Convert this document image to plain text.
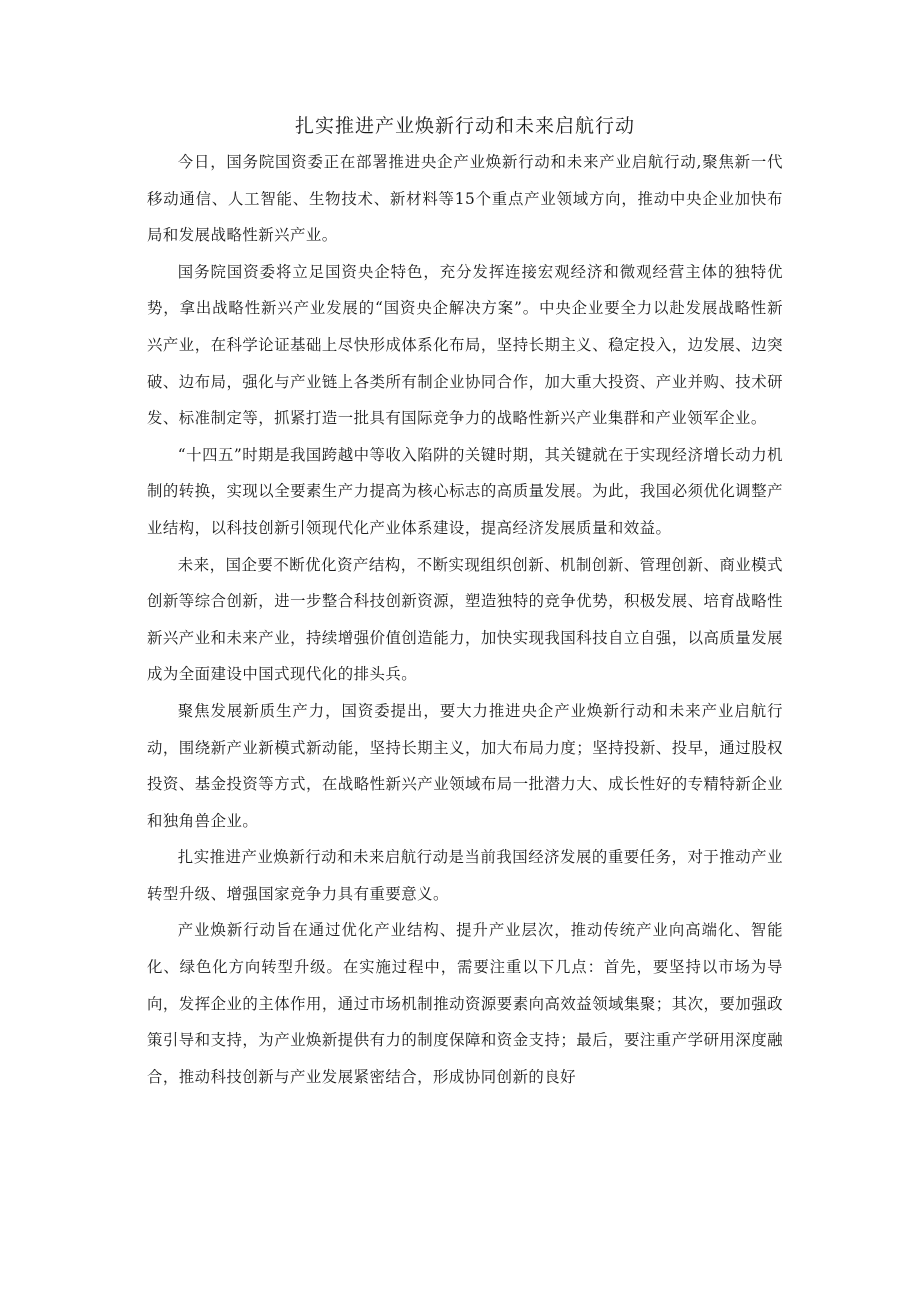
扎实推进产业焕新行动和未来启航行动

今日，国务院国资委正在部署推进央企产业焕新行动和未来产业启航行动,聚焦新一代移动通信、人工智能、生物技术、新材料等15个重点产业领域方向，推动中央企业加快布局和发展战略性新兴产业。

国务院国资委将立足国资央企特色，充分发挥连接宏观经济和微观经营主体的独特优势，拿出战略性新兴产业发展的“国资央企解决方案”。中央企业要全力以赴发展战略性新兴产业，在科学论证基础上尽快形成体系化布局，坚持长期主义、稳定投入，边发展、边突破、边布局，强化与产业链上各类所有制企业协同合作，加大重大投资、产业并购、技术研发、标准制定等，抓紧打造一批具有国际竞争力的战略性新兴产业集群和产业领军企业。

“十四五”时期是我国跨越中等收入陷阱的关键时期，其关键就在于实现经济增长动力机制的转换，实现以全要素生产力提高为核心标志的高质量发展。为此，我国必须优化调整产业结构，以科技创新引领现代化产业体系建设，提高经济发展质量和效益。

未来，国企要不断优化资产结构，不断实现组织创新、机制创新、管理创新、商业模式创新等综合创新，进一步整合科技创新资源，塑造独特的竞争优势，积极发展、培育战略性新兴产业和未来产业，持续增强价值创造能力，加快实现我国科技自立自强，以高质量发展成为全面建设中国式现代化的排头兵。

聚焦发展新质生产力，国资委提出，要大力推进央企产业焕新行动和未来产业启航行动，围绕新产业新模式新动能，坚持长期主义，加大布局力度；坚持投新、投早，通过股权投资、基金投资等方式，在战略性新兴产业领域布局一批潜力大、成长性好的专精特新企业和独角兽企业。

扎实推进产业焕新行动和未来启航行动是当前我国经济发展的重要任务，对于推动产业转型升级、增强国家竞争力具有重要意义。

产业焕新行动旨在通过优化产业结构、提升产业层次，推动传统产业向高端化、智能化、绿色化方向转型升级。在实施过程中，需要注重以下几点：首先，要坚持以市场为导向，发挥企业的主体作用，通过市场机制推动资源要素向高效益领域集聚；其次，要加强政策引导和支持，为产业焕新提供有力的制度保障和资金支持；最后，要注重产学研用深度融合，推动科技创新与产业发展紧密结合，形成协同创新的良好
